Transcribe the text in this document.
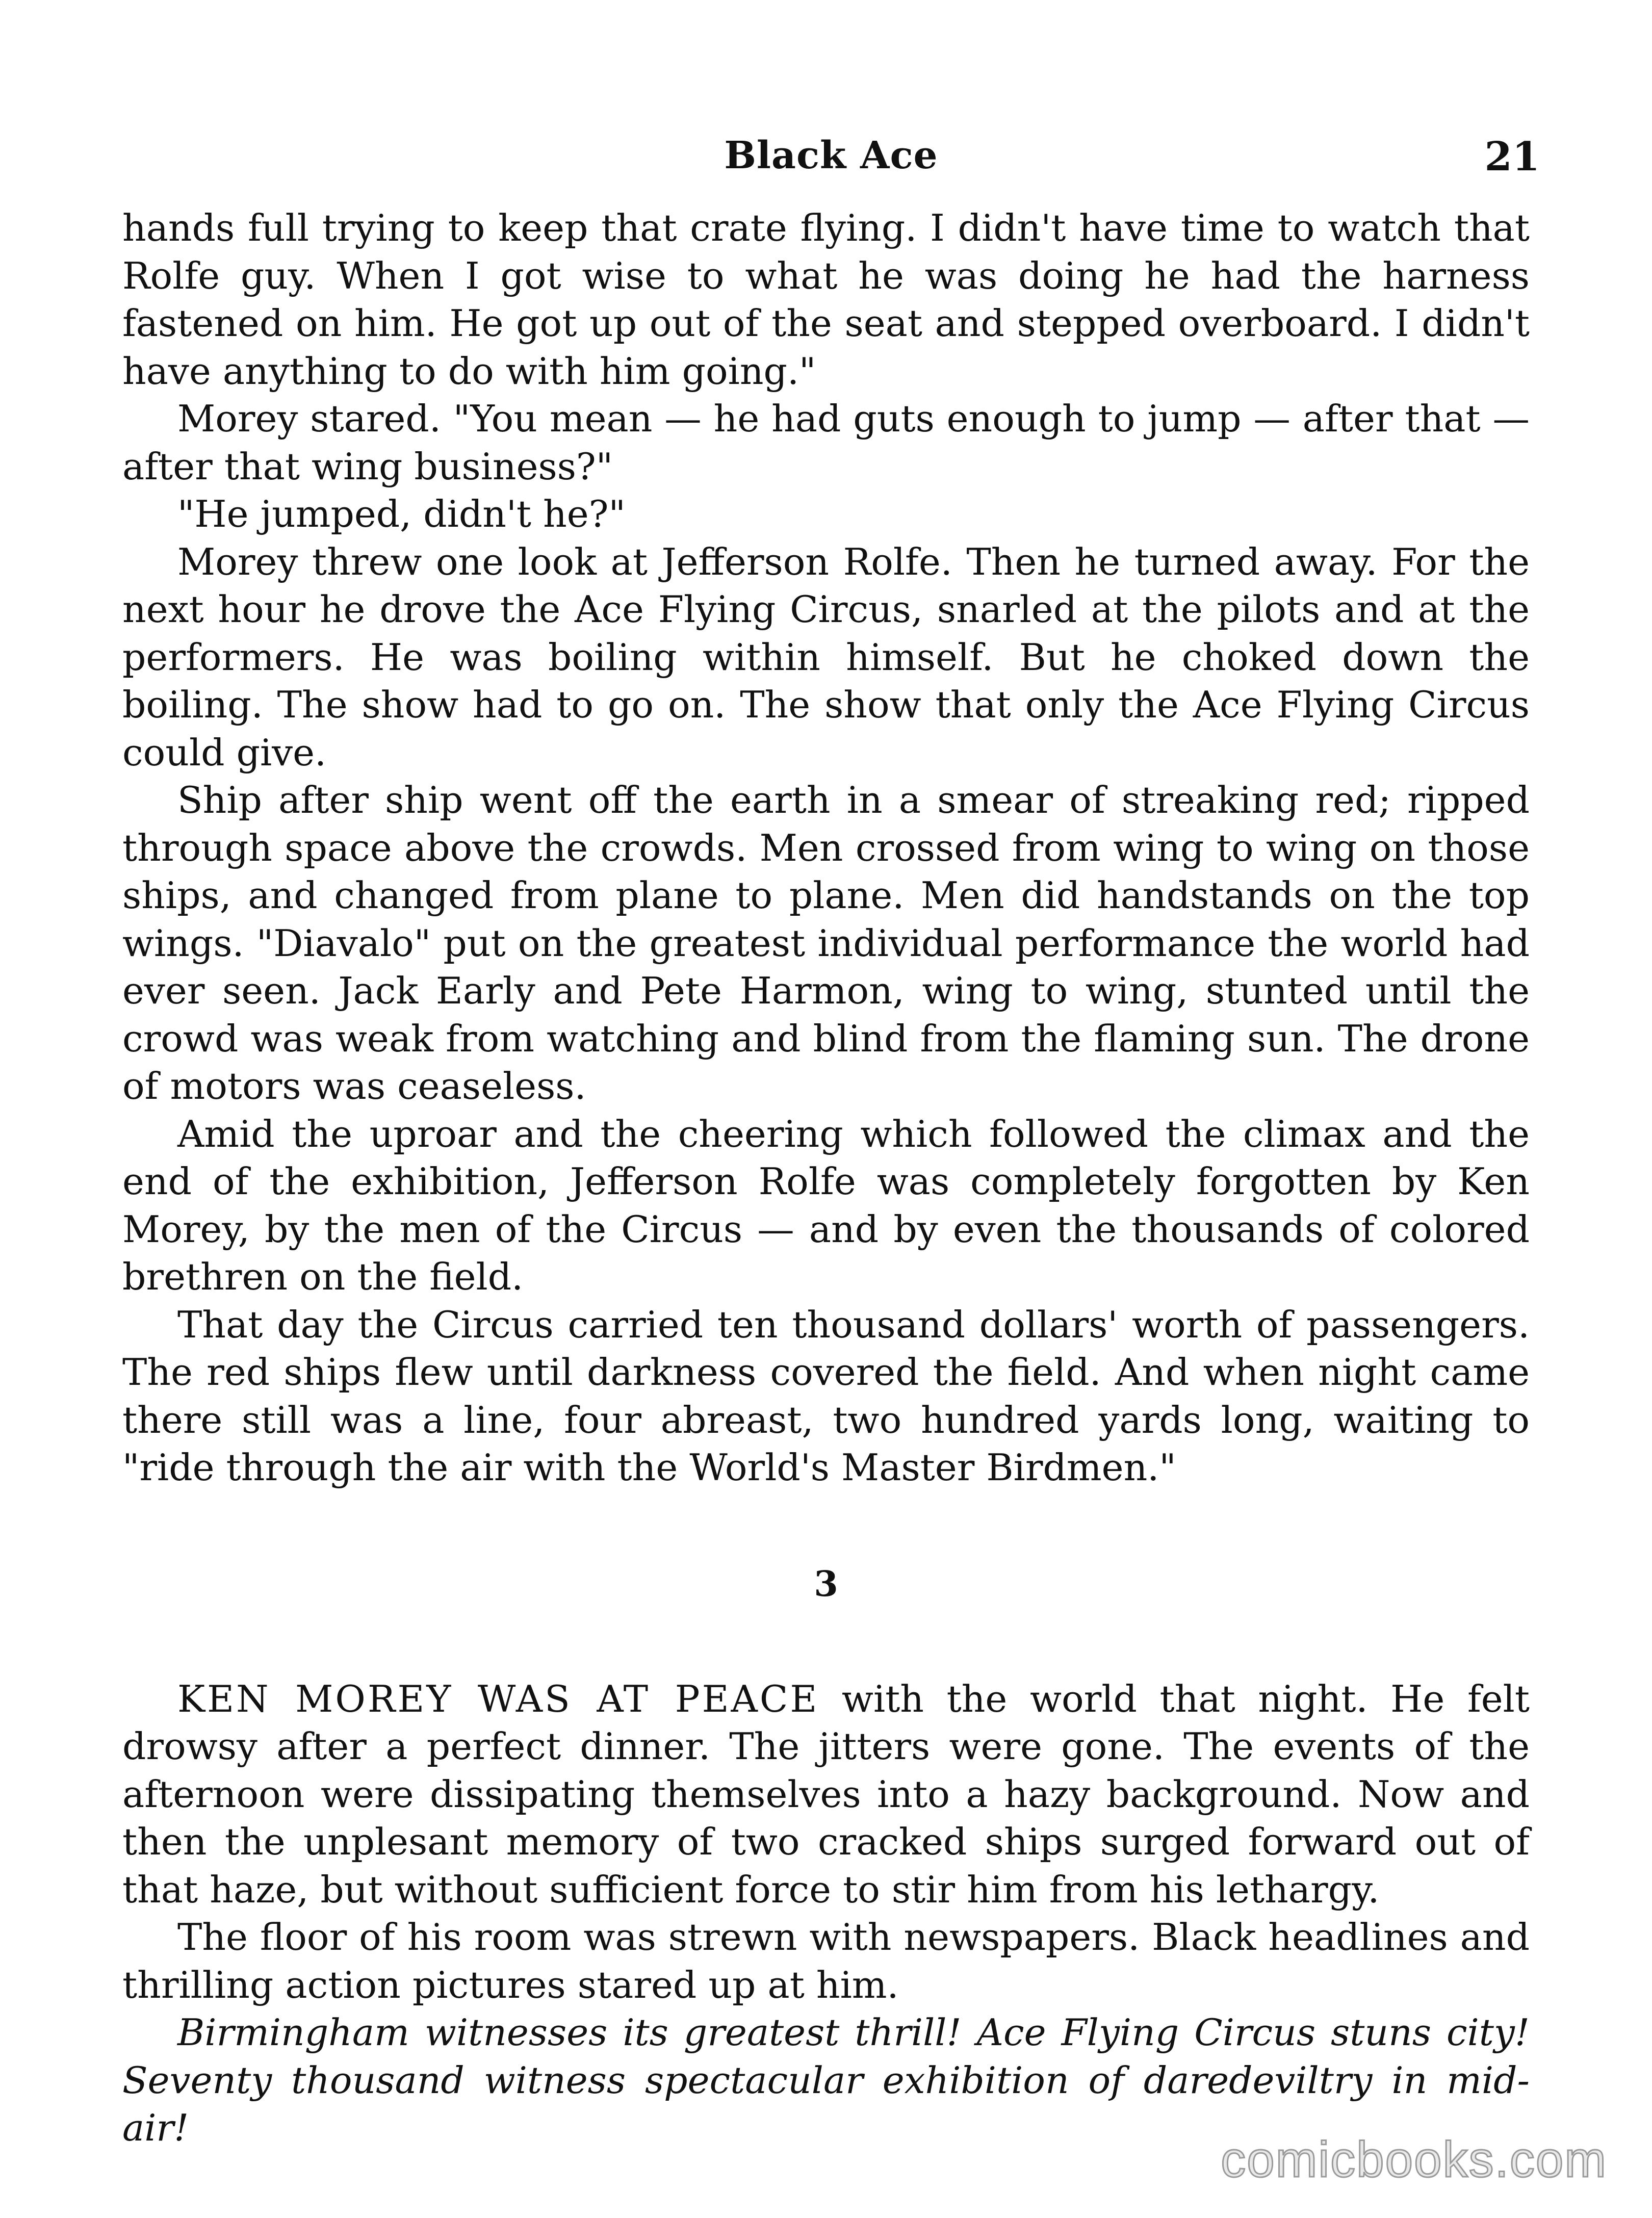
Black Ace	21

hands full trying to keep that crate flying. I didn't have time to watch that Rolfe guy. When I got wise to what he was doing he had the harness fastened on him. He got up out of the seat and stepped overboard. I didn't have anything to do with him going."

Morey stared. "You mean — he had guts enough to jump — after that — after that wing business?"

"He jumped, didn't he?"

Morey threw one look at Jefferson Rolfe. Then he turned away. For the next hour he drove the Ace Flying Circus, snarled at the pilots and at the performers. He was boiling within himself. But he choked down the boiling. The show had to go on. The show that only the Ace Flying Circus could give.

Ship after ship went off the earth in a smear of streaking red; ripped through space above the crowds. Men crossed from wing to wing on those ships, and changed from plane to plane. Men did handstands on the top wings. "Diavalo" put on the greatest individual performance the world had ever seen. Jack Early and Pete Harmon, wing to wing, stunted until the crowd was weak from watching and blind from the flaming sun. The drone of motors was ceaseless.

Amid the uproar and the cheering which followed the climax and the end of the exhibition, Jefferson Rolfe was completely forgotten by Ken Morey, by the men of the Circus — and by even the thousands of colored brethren on the field.

That day the Circus carried ten thousand dollars' worth of passengers. The red ships flew until darkness covered the field. And when night came there still was a line, four abreast, two hundred yards long, waiting to "ride through the air with the World's Master Birdmen."

3

KEN MOREY WAS AT PEACE with the world that night. He felt drowsy after a perfect dinner. The jitters were gone. The events of the afternoon were dissipating themselves into a hazy background. Now and then the unplesant memory of two cracked ships surged forward out of that haze, but without sufficient force to stir him from his lethargy.

The floor of his room was strewn with newspapers. Black headlines and thrilling action pictures stared up at him.

Birmingham witnesses its greatest thrill! Ace Flying Circus stuns city! Seventy thousand witness spectacular exhibition of daredeviltry in mid-air!

comicbooks.com
